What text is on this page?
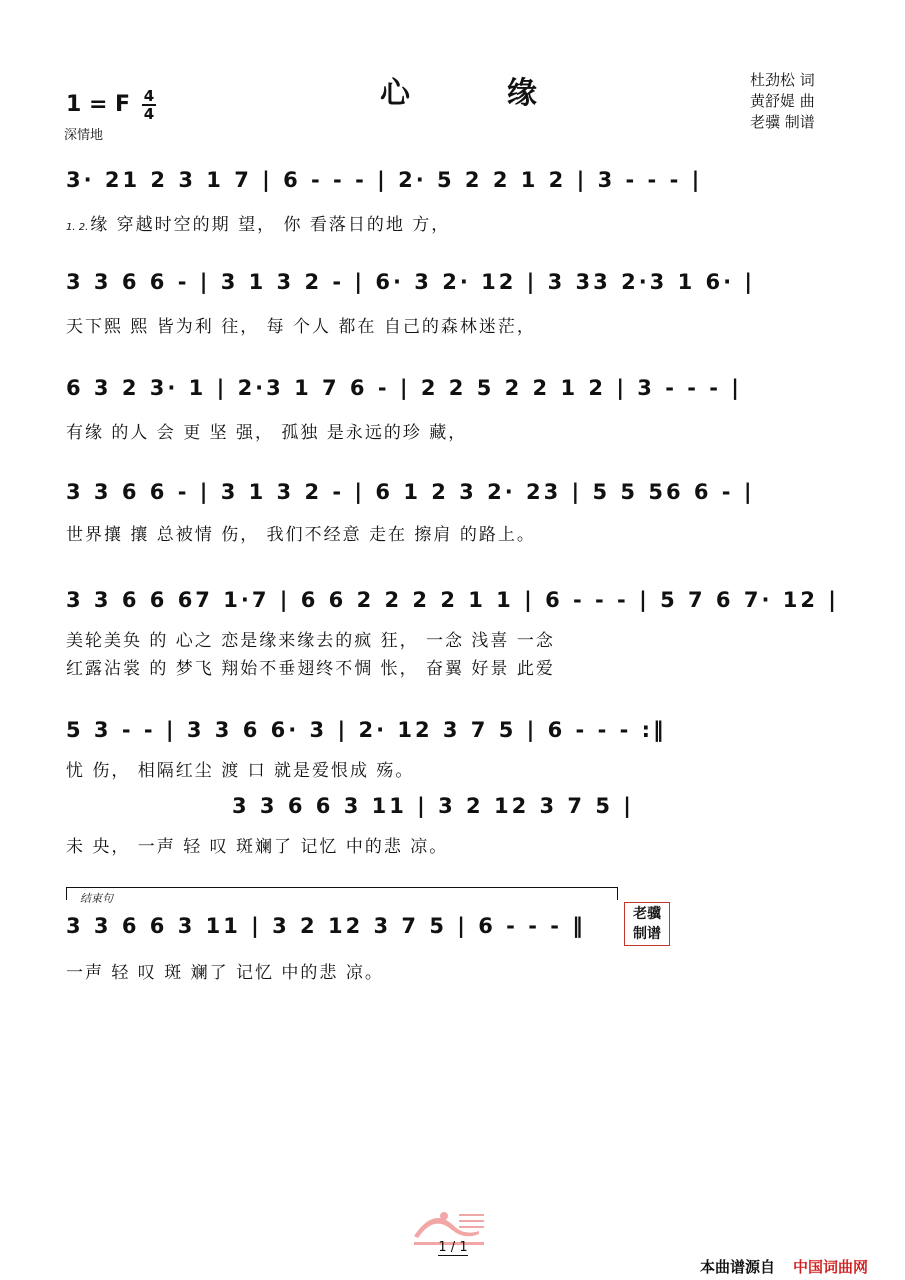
心	缘
1 = F 4
4
深情地
杜劲松 词
黄舒媞 曲
老骥 制谱
3· 21 2 3 1 7 | 6 - - - | 2· 5 2 2 1 2 | 3 - - - |
1. 2. 缘 穿越时空的期 望， 你 看落日的地 方，
3 3 6 6 - | 3 1 3 2 - | 6· 3 2· 12 | 3 33 2·3 1 6· |
天下熙 熙 皆为利 往， 每 个人 都在 自己的森林迷茫，
6 3 2 3· 1 | 2·3 1 7 6 - | 2 2 5 2 2 1 2 | 3 - - - |
有缘 的人 会 更 坚 强， 孤独 是永远的珍 藏，
3 3 6 6 - | 3 1 3 2 - | 6 1 2 3 2· 23 | 5 5 56 6 - |
世界攘 攘 总被情 伤， 我们不经意 走在 擦肩 的路上。
3 3 6 6 67 1·7 | 6 6 2 2 2 2 1 1 | 6 - - - | 5 7 6 7· 12 |
美轮美奂 的 心之 恋是缘来缘去的疯 狂， 一念 浅喜 一念
红露沾裳 的 梦飞 翔始不垂翅终不惆 怅， 奋翼 好景 此爱
5 3 - - | 3 3 6 6· 3 | 2· 12 3 7 5 | 6 - - - :‖
忧 伤， 相隔红尘 渡 口 就是爱恨成 殇。
3 3 6 6 3 11 | 3 2 12 3 7 5 |
未 央， 一声 轻 叹 斑斓了 记忆 中的悲 凉。
结束句
3 3 6 6 3 11 | 3 2 12 3 7 5 | 6 - - - ‖
一声 轻 叹 斑 斓了 记忆 中的悲 凉。
老骥
制谱
1 / 1
本曲谱源自 中国词曲网
